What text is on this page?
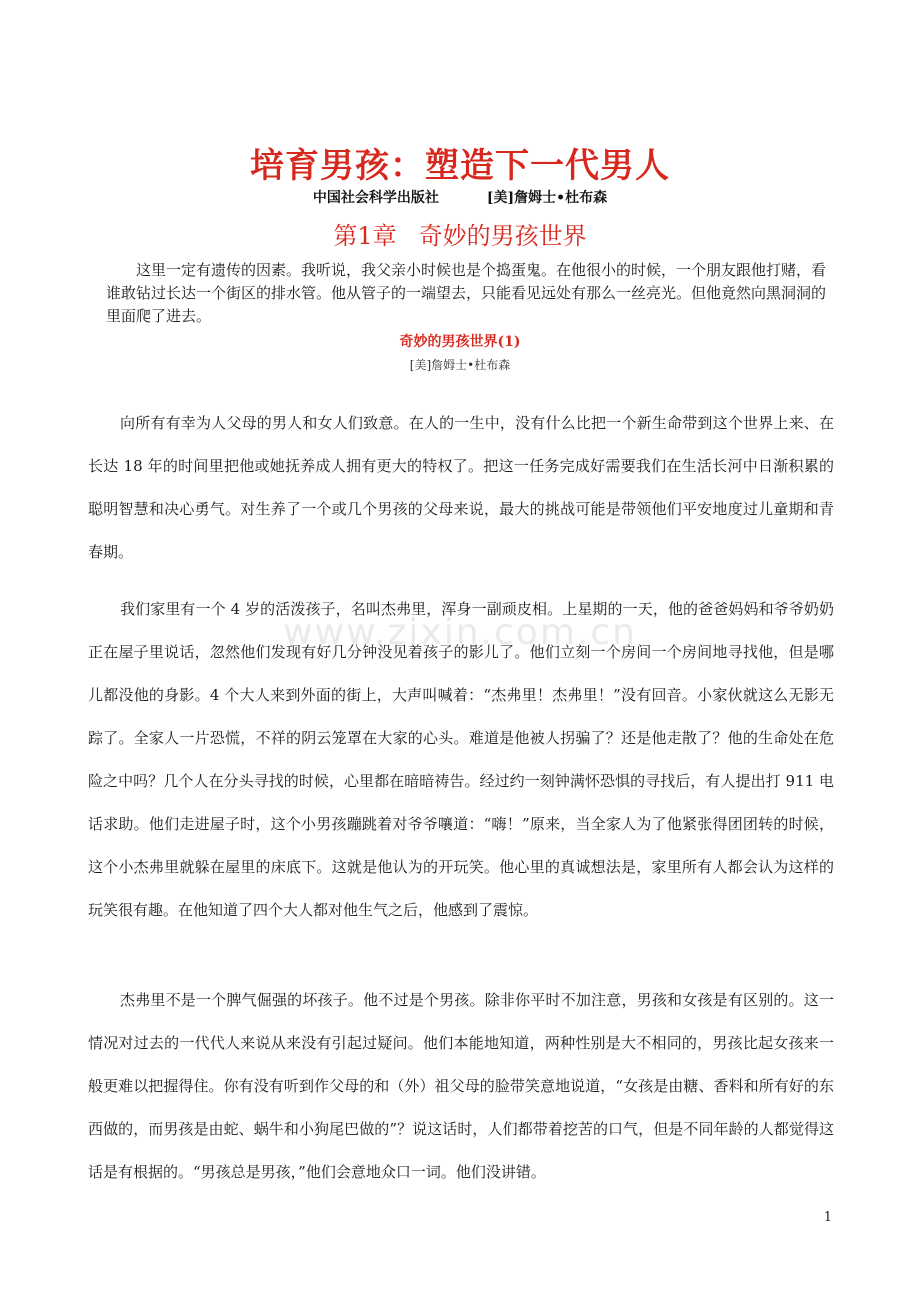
培育男孩：塑造下一代男人
中国社会科学出版社	[美]詹姆士•杜布森
第1章 奇妙的男孩世界

这里一定有遗传的因素。我听说，我父亲小时候也是个捣蛋鬼。在他很小的时候，一个朋友跟他打赌，看谁敢钻过长达一个街区的排水管。他从管子的一端望去，只能看见远处有那么一丝亮光。但他竟然向黑洞洞的里面爬了进去。

奇妙的男孩世界(1)
[美]詹姆士•杜布森

向所有有幸为人父母的男人和女人们致意。在人的一生中，没有什么比把一个新生命带到这个世界上来、在长达 18 年的时间里把他或她抚养成人拥有更大的特权了。把这一任务完成好需要我们在生活长河中日渐积累的聪明智慧和决心勇气。对生养了一个或几个男孩的父母来说，最大的挑战可能是带领他们平安地度过儿童期和青春期。

我们家里有一个 4 岁的活泼孩子，名叫杰弗里，浑身一副顽皮相。上星期的一天，他的爸爸妈妈和爷爷奶奶正在屋子里说话，忽然他们发现有好几分钟没见着孩子的影儿了。他们立刻一个房间一个房间地寻找他，但是哪儿都没他的身影。4 个大人来到外面的街上，大声叫喊着：“杰弗里！杰弗里！”没有回音。小家伙就这么无影无踪了。全家人一片恐慌，不祥的阴云笼罩在大家的心头。难道是他被人拐骗了？还是他走散了？他的生命处在危险之中吗？几个人在分头寻找的时候，心里都在暗暗祷告。经过约一刻钟满怀恐惧的寻找后，有人提出打 911 电话求助。他们走进屋子时，这个小男孩蹦跳着对爷爷嚷道：“嗨！”原来，当全家人为了他紧张得团团转的时候，这个小杰弗里就躲在屋里的床底下。这就是他认为的开玩笑。他心里的真诚想法是，家里所有人都会认为这样的玩笑很有趣。在他知道了四个大人都对他生气之后，他感到了震惊。

杰弗里不是一个脾气倔强的坏孩子。他不过是个男孩。除非你平时不加注意，男孩和女孩是有区别的。这一情况对过去的一代代人来说从来没有引起过疑问。他们本能地知道，两种性别是大不相同的，男孩比起女孩来一般更难以把握得住。你有没有听到作父母的和（外）祖父母的脸带笑意地说道，“女孩是由糖、香料和所有好的东西做的，而男孩是由蛇、蜗牛和小狗尾巴做的”？说这话时，人们都带着挖苦的口气，但是不同年龄的人都觉得这话是有根据的。“男孩总是男孩，”他们会意地众口一词。他们没讲错。

www.zixin.com.cn
1
